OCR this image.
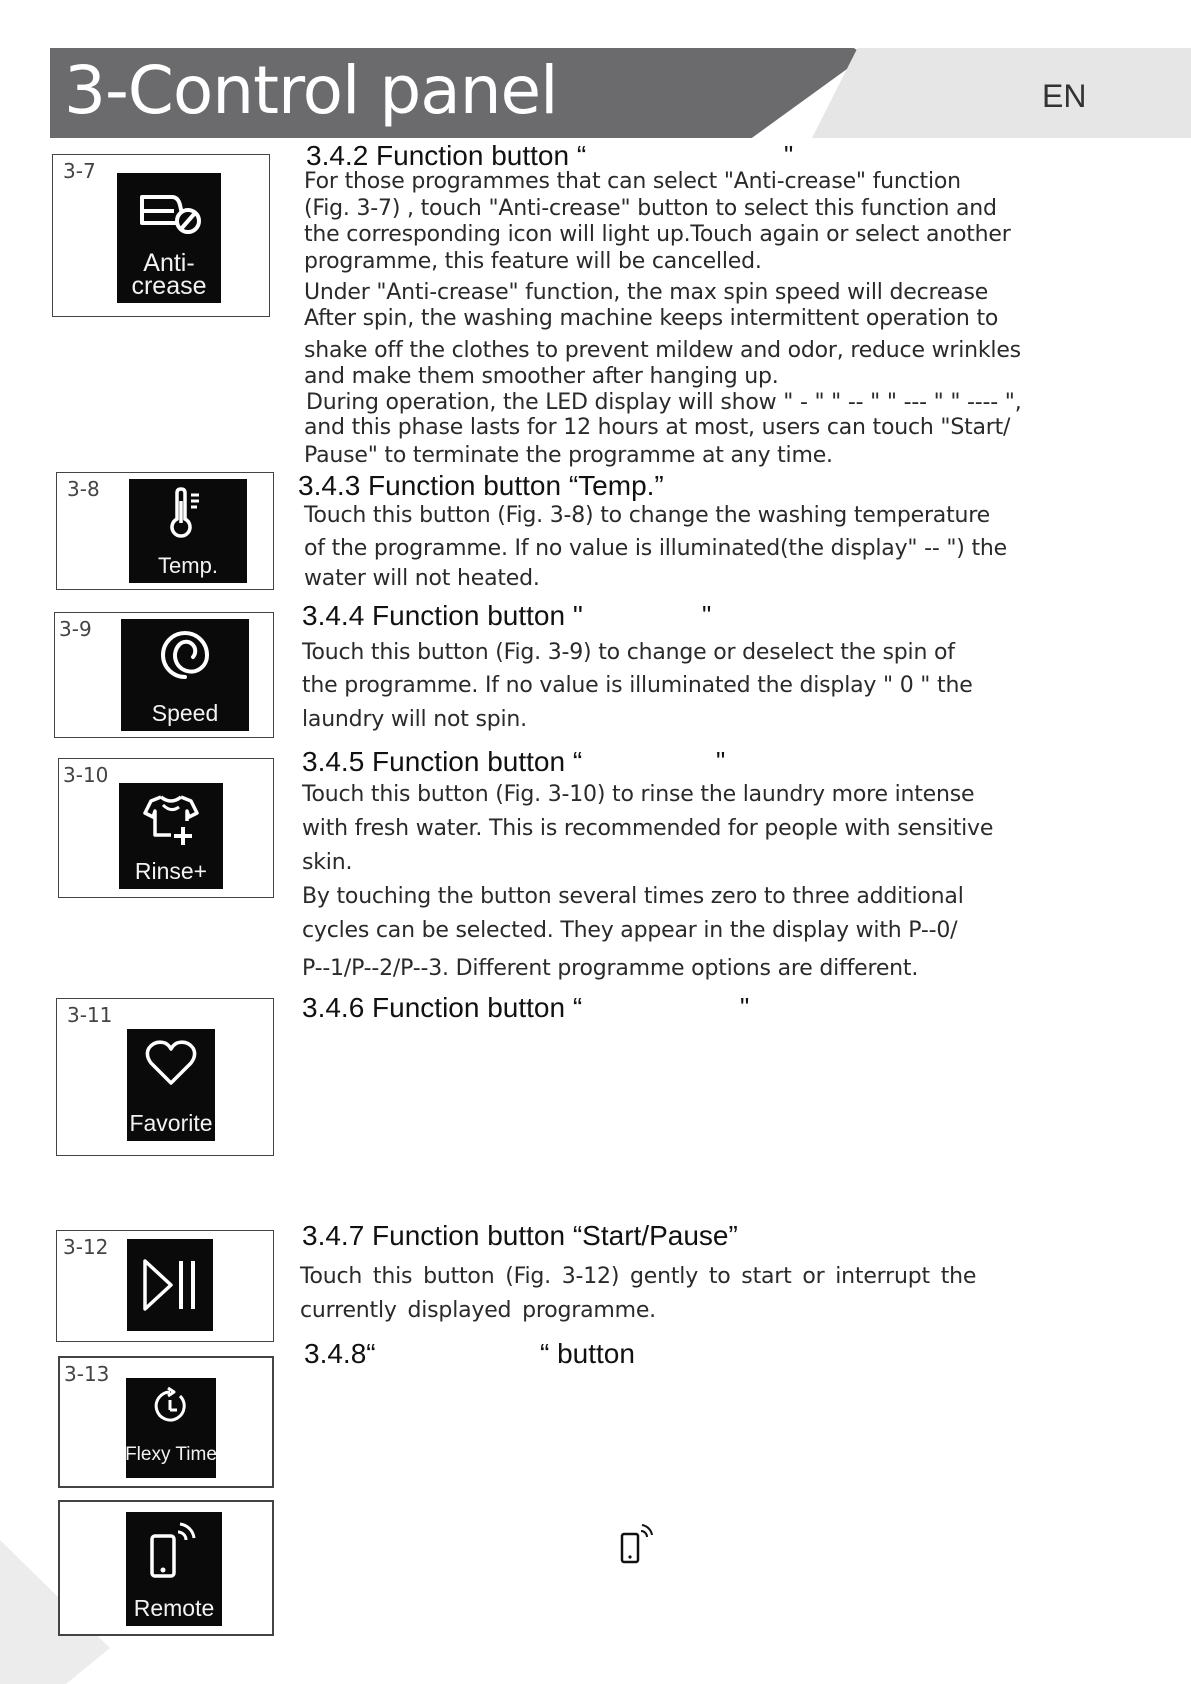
3-Control panel	EN
3-7
Anti-
crease
3-8
Temp.
3-9
Speed
3-10
Rinse+
3-11
Favorite
3-12
3-13
Flexy Time
Remote
3.4.2 Function button “	"
For those programmes that can select "Anti-crease" function
(Fig. 3-7) , touch "Anti-crease" button to select this function and
the corresponding icon will light up.Touch again or select another
programme, this feature will be cancelled.
Under "Anti-crease" function, the max spin speed will decrease
After spin, the washing machine keeps intermittent operation to
shake off the clothes to prevent mildew and odor, reduce wrinkles
and make them smoother after hanging up.
During operation, the LED display will show " - " " -- " " --- " " ---- ",
and this phase lasts for 12 hours at most, users can touch "Start/
Pause" to terminate the programme at any time.
3.4.3 Function button “Temp.”
Touch this button (Fig. 3-8) to change the washing temperature
of the programme. If no value is illuminated(the display" -- ") the
water will not heated.
3.4.4 Function button "	"
Touch this button (Fig. 3-9) to change or deselect the spin of
the programme. If no value is illuminated the display " 0 " the
laundry will not spin.
3.4.5 Function button “	"
Touch this button (Fig. 3-10) to rinse the laundry more intense
with fresh water. This is recommended for people with sensitive
skin.
By touching the button several times zero to three additional
cycles can be selected. They appear in the display with P--0/
P--1/P--2/P--3. Different programme options are different.
3.4.6 Function button “	"
3.4.7 Function button “Start/Pause”
Touch this button (Fig. 3-12) gently to start or interrupt the
currently displayed programme.
3.4.8“	“ button
